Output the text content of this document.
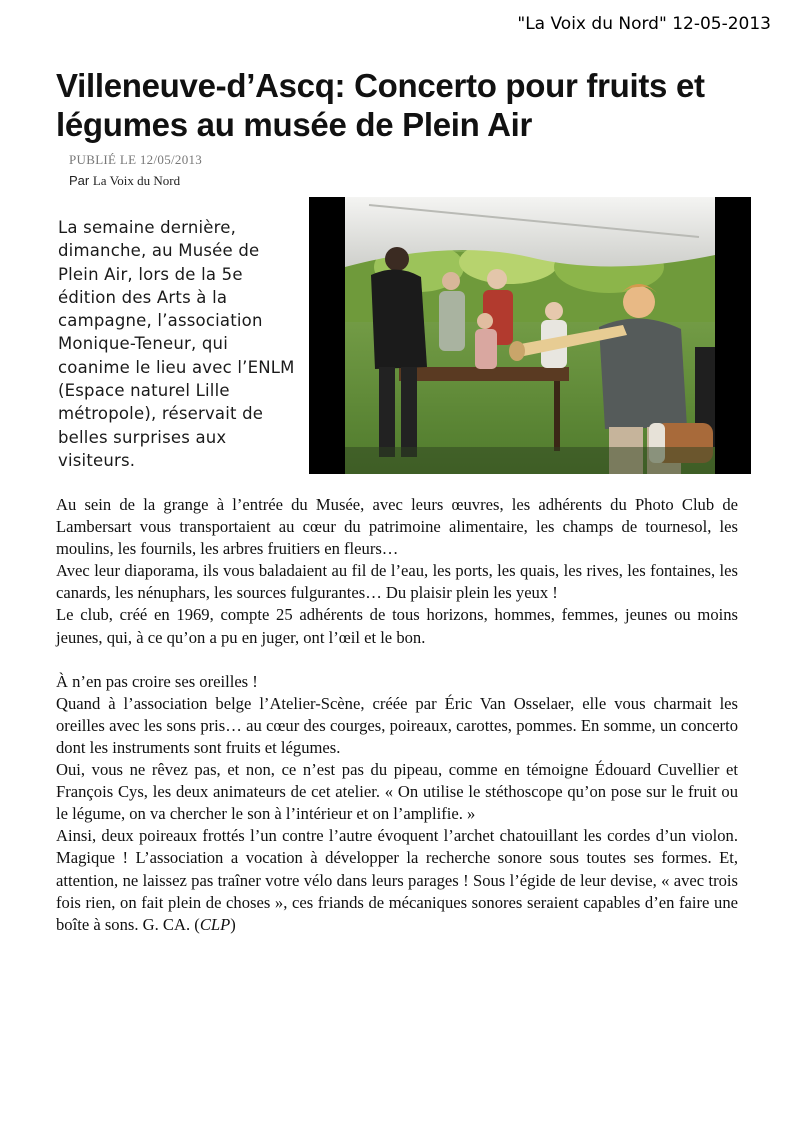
"La Voix du Nord" 12-05-2013
Villeneuve-d’Ascq: Concerto pour fruits et légumes au musée de Plein Air
PUBLIÉ LE 12/05/2013
Par La Voix du Nord

La semaine dernière, dimanche, au Musée de Plein Air, lors de la 5e édition des Arts à la campagne, l’association Monique-Teneur, qui coanime le lieu avec l’ENLM (Espace naturel Lille métropole), réservait de belles surprises aux visiteurs.

Au sein de la grange à l’entrée du Musée, avec leurs œuvres, les adhérents du Photo Club de Lambersart vous transportaient au cœur du patrimoine alimentaire, les champs de tournesol, les moulins, les fournils, les arbres fruitiers en fleurs…

Avec leur diaporama, ils vous baladaient au fil de l’eau, les ports, les quais, les rives, les fontaines, les canards, les nénuphars, les sources fulgurantes… Du plaisir plein les yeux !

Le club, créé en 1969, compte 25 adhérents de tous horizons, hommes, femmes, jeunes ou moins jeunes, qui, à ce qu’on a pu en juger, ont l’œil et le bon.

À n’en pas croire ses oreilles !

Quand à l’association belge l’Atelier-Scène, créée par Éric Van Osselaer, elle vous charmait les oreilles avec les sons pris… au cœur des courges, poireaux, carottes, pommes. En somme, un concerto dont les instruments sont fruits et légumes.

Oui, vous ne rêvez pas, et non, ce n’est pas du pipeau, comme en témoigne Édouard Cuvellier et François Cys, les deux animateurs de cet atelier. « On utilise le stéthoscope qu’on pose sur le fruit ou le légume, on va chercher le son à l’intérieur et on l’amplifie. »

Ainsi, deux poireaux frottés l’un contre l’autre évoquent l’archet chatouillant les cordes d’un violon. Magique ! L’association a vocation à développer la recherche sonore sous toutes ses formes. Et, attention, ne laissez pas traîner votre vélo dans leurs parages ! Sous l’égide de leur devise, « avec trois fois rien, on fait plein de choses », ces friands de mécaniques sonores seraient capables d’en faire une boîte à sons. G. CA. (CLP)
